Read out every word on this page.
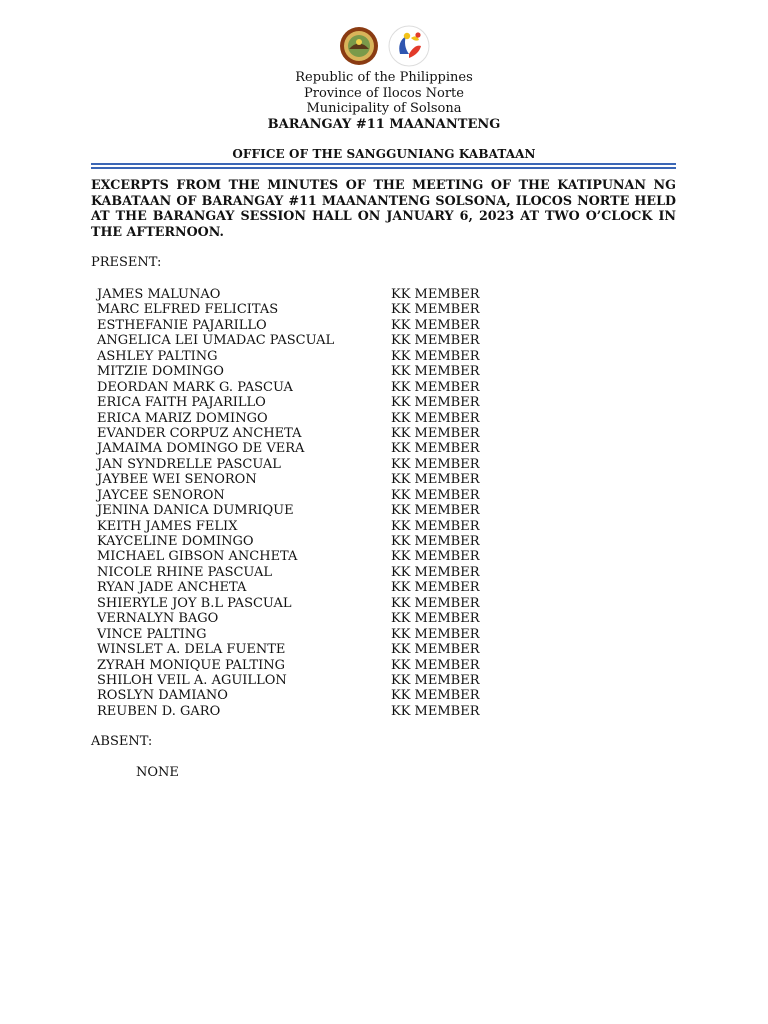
Republic of the Philippines
Province of Ilocos Norte
Municipality of Solsona
BARANGAY #11 MAANANTENG
OFFICE OF THE SANGGUNIANG KABATAAN
EXCERPTS FROM THE MINUTES OF THE MEETING OF THE KATIPUNAN NG KABATAAN OF BARANGAY #11 MAANANTENG SOLSONA, ILOCOS NORTE HELD AT THE BARANGAY SESSION HALL ON JANUARY 6, 2023 AT TWO O’CLOCK IN THE AFTERNOON.
PRESENT:
JAMES MALUNAO	KK MEMBER
MARC ELFRED FELICITAS	KK MEMBER
ESTHEFANIE PAJARILLO	KK MEMBER
ANGELICA LEI UMADAC PASCUAL	KK MEMBER
ASHLEY PALTING	KK MEMBER
MITZIE DOMINGO	KK MEMBER
DEORDAN MARK G. PASCUA	KK MEMBER
ERICA FAITH PAJARILLO	KK MEMBER
ERICA MARIZ DOMINGO	KK MEMBER
EVANDER CORPUZ ANCHETA	KK MEMBER
JAMAIMA DOMINGO DE VERA	KK MEMBER
JAN SYNDRELLE PASCUAL	KK MEMBER
JAYBEE WEI SENORON	KK MEMBER
JAYCEE SENORON	KK MEMBER
JENINA DANICA DUMRIQUE	KK MEMBER
KEITH JAMES FELIX	KK MEMBER
KAYCELINE DOMINGO	KK MEMBER
MICHAEL GIBSON ANCHETA	KK MEMBER
NICOLE RHINE PASCUAL	KK MEMBER
RYAN JADE ANCHETA	KK MEMBER
SHIERYLE JOY B.L PASCUAL	KK MEMBER
VERNALYN BAGO	KK MEMBER
VINCE PALTING	KK MEMBER
WINSLET A. DELA FUENTE	KK MEMBER
ZYRAH MONIQUE PALTING	KK MEMBER
SHILOH VEIL A. AGUILLON	KK MEMBER
ROSLYN DAMIANO	KK MEMBER
REUBEN D. GARO	KK MEMBER
ABSENT:
NONE
